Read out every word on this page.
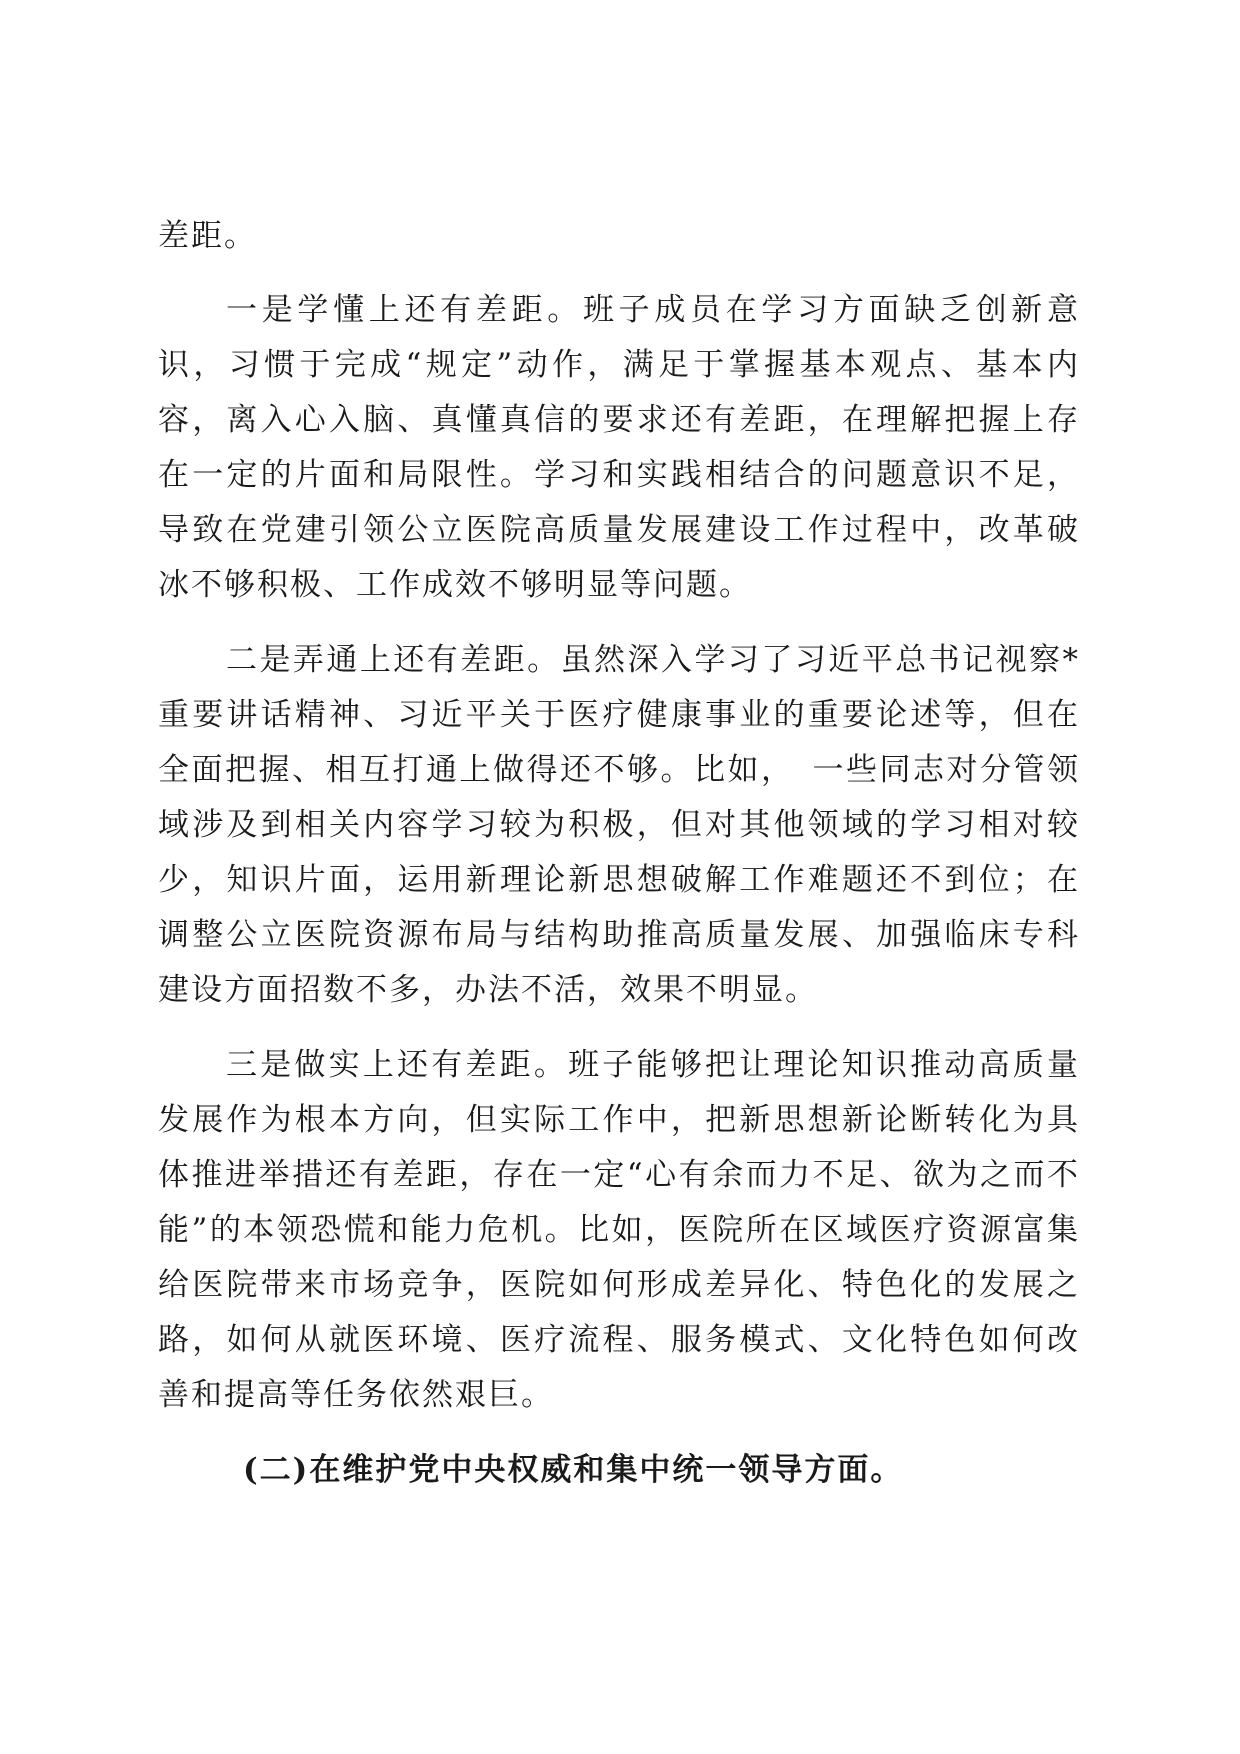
差距。

一是学懂上还有差距。班子成员在学习方面缺乏创新意识，习惯于完成“规定”动作，满足于掌握基本观点、基本内容，离入心入脑、真懂真信的要求还有差距，在理解把握上存在一定的片面和局限性。学习和实践相结合的问题意识不足，导致在党建引领公立医院高质量发展建设工作过程中，改革破冰不够积极、工作成效不够明显等问题。

二是弄通上还有差距。虽然深入学习了习近平总书记视察*重要讲话精神、习近平关于医疗健康事业的重要论述等，但在全面把握、相互打通上做得还不够。比如，　一些同志对分管领域涉及到相关内容学习较为积极，但对其他领域的学习相对较少，知识片面，运用新理论新思想破解工作难题还不到位；在调整公立医院资源布局与结构助推高质量发展、加强临床专科建设方面招数不多，办法不活，效果不明显。

三是做实上还有差距。班子能够把让理论知识推动高质量发展作为根本方向，但实际工作中，把新思想新论断转化为具体推进举措还有差距，存在一定“心有余而力不足、欲为之而不能”的本领恐慌和能力危机。比如，医院所在区域医疗资源富集给医院带来市场竞争，医院如何形成差异化、特色化的发展之路，如何从就医环境、医疗流程、服务模式、文化特色如何改善和提高等任务依然艰巨。

(二)在维护党中央权威和集中统一领导方面。
